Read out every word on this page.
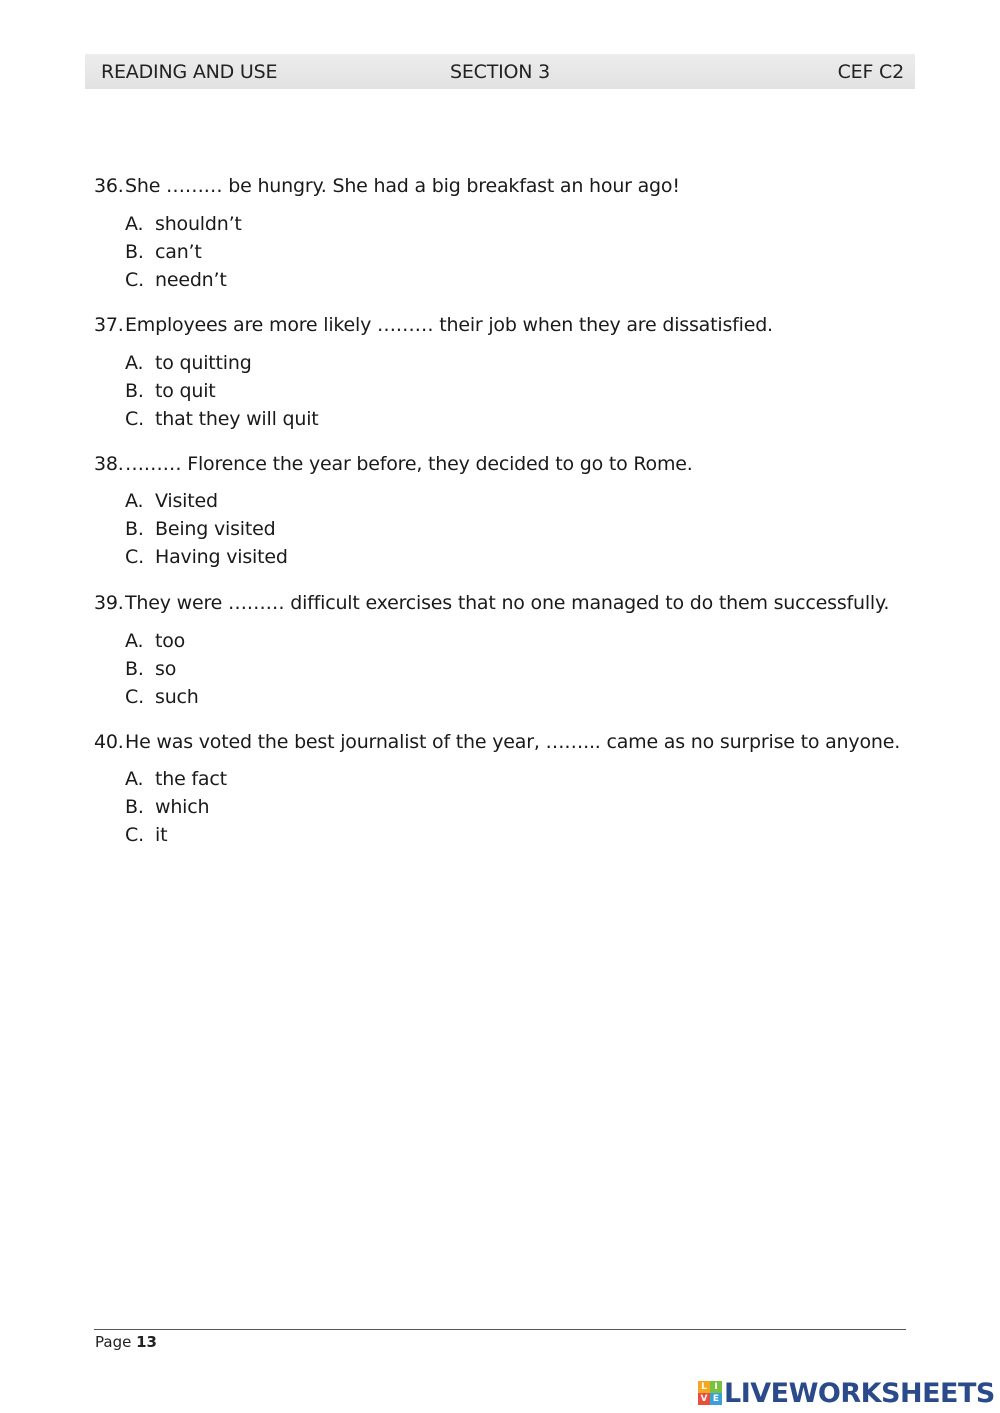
READING AND USE	SECTION 3	CEF C2
36.She ……… be hungry. She had a big breakfast an hour ago!
A. shouldn’t
B. can’t
C. needn’t
37.Employees are more likely ……… their job when they are dissatisfied.
A. to quitting
B. to quit
C. that they will quit
38.……… Florence the year before, they decided to go to Rome.
A. Visited
B. Being visited
C. Having visited
39.They were ……… difficult exercises that no one managed to do them successfully.
A. too
B. so
C. such
40.He was voted the best journalist of the year, ……... came as no surprise to anyone.
A. the fact
B. which
C. it
Page 13
L I
V E LIVEWORKSHEETS
